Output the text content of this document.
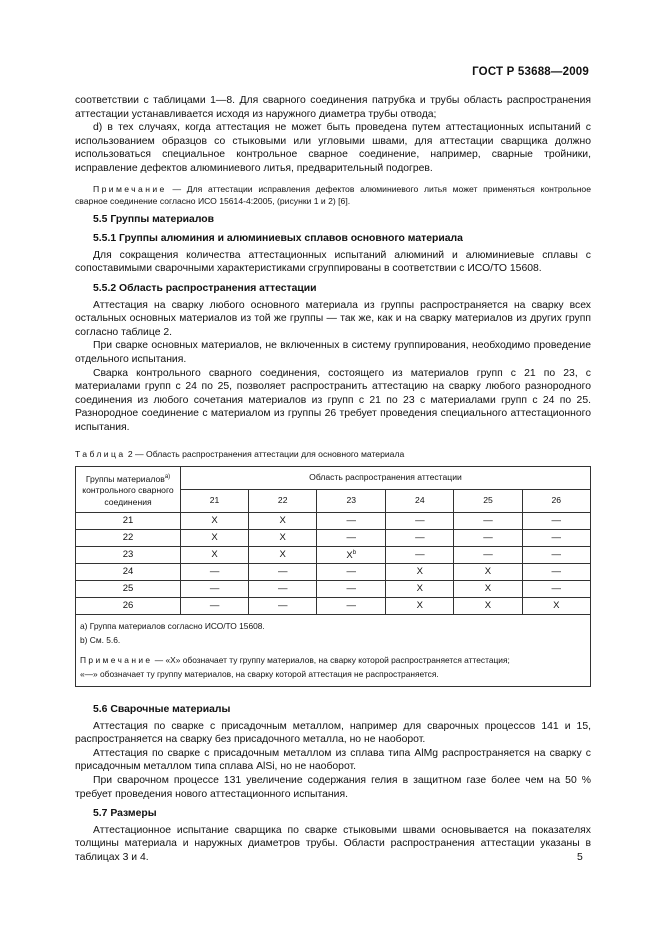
ГОСТ Р 53688—2009

соответствии с таблицами 1—8. Для сварного соединения патрубка и трубы область распространения аттестации устанавливается исходя из наружного диаметра трубы отвода;

d) в тех случаях, когда аттестация не может быть проведена путем аттестационных испытаний с использованием образцов со стыковыми или угловыми швами, для аттестации сварщика должно использоваться специальное контрольное сварное соединение, например, сварные тройники, исправление дефектов алюминиевого литья, предварительный подогрев.

Примечание — Для аттестации исправления дефектов алюминиевого литья может применяться контрольное сварное соединение согласно ИСО 15614-4:2005, (рисунки 1 и 2) [6].

5.5 Группы материалов
5.5.1 Группы алюминия и алюминиевых сплавов основного материала

Для сокращения количества аттестационных испытаний алюминий и алюминиевые сплавы с сопоставимыми сварочными характеристиками сгруппированы в соответствии с ИСО/ТО 15608.

5.5.2 Область распространения аттестации

Аттестация на сварку любого основного материала из группы распространяется на сварку всех остальных основных материалов из той же группы — так же, как и на сварку материалов из других групп согласно таблице 2.

При сварке основных материалов, не включенных в систему группирования, необходимо проведение отдельного испытания.

Сварка контрольного сварного соединения, состоящего из материалов групп с 21 по 23, с материалами групп с 24 по 25, позволяет распространить аттестацию на сварку любого разнородного соединения из любого сочетания материалов из групп с 21 по 23 с материалами групп с 24 по 25. Разнородное соединение с материалом из группы 26 требует проведения специального аттестационного испытания.

Таблица 2 — Область распространения аттестации для основного материала
Группы материалов$^{a)}$
контрольного сварного
соединения	Область распространения аттестации					
	21	22	23	24	25	26
21	X	X	—	—	—	—
22	X	X	—	—	—	—
23	X	X	$X^b$	—	—	—
24	—	—	—	X	X	—
25	—	—	—	X	X	—
26	—	—	—	X	X	X

a) Группа материалов согласно ИСО/ТО 15608.
b) См. 5.6.
Примечание — «Х» обозначает ту группу материалов, на сварку которой распространяется аттестация;
«—» обозначает ту группу материалов, на сварку которой аттестация не распространяется.						
5.6 Сварочные материалы

Аттестация по сварке с присадочным металлом, например для сварочных процессов 141 и 15, распространяется на сварку без присадочного металла, но не наоборот.

Аттестация по сварке с присадочным металлом из сплава типа AlMg распространяется на сварку с присадочным металлом типа сплава AlSi, но не наоборот.

При сварочном процессе 131 увеличение содержания гелия в защитном газе более чем на 50 % требует проведения нового аттестационного испытания.

5.7 Размеры

Аттестационное испытание сварщика по сварке стыковыми швами основывается на показателях толщины материала и наружных диаметров трубы. Области распространения аттестации указаны в таблицах 3 и 4.	5
